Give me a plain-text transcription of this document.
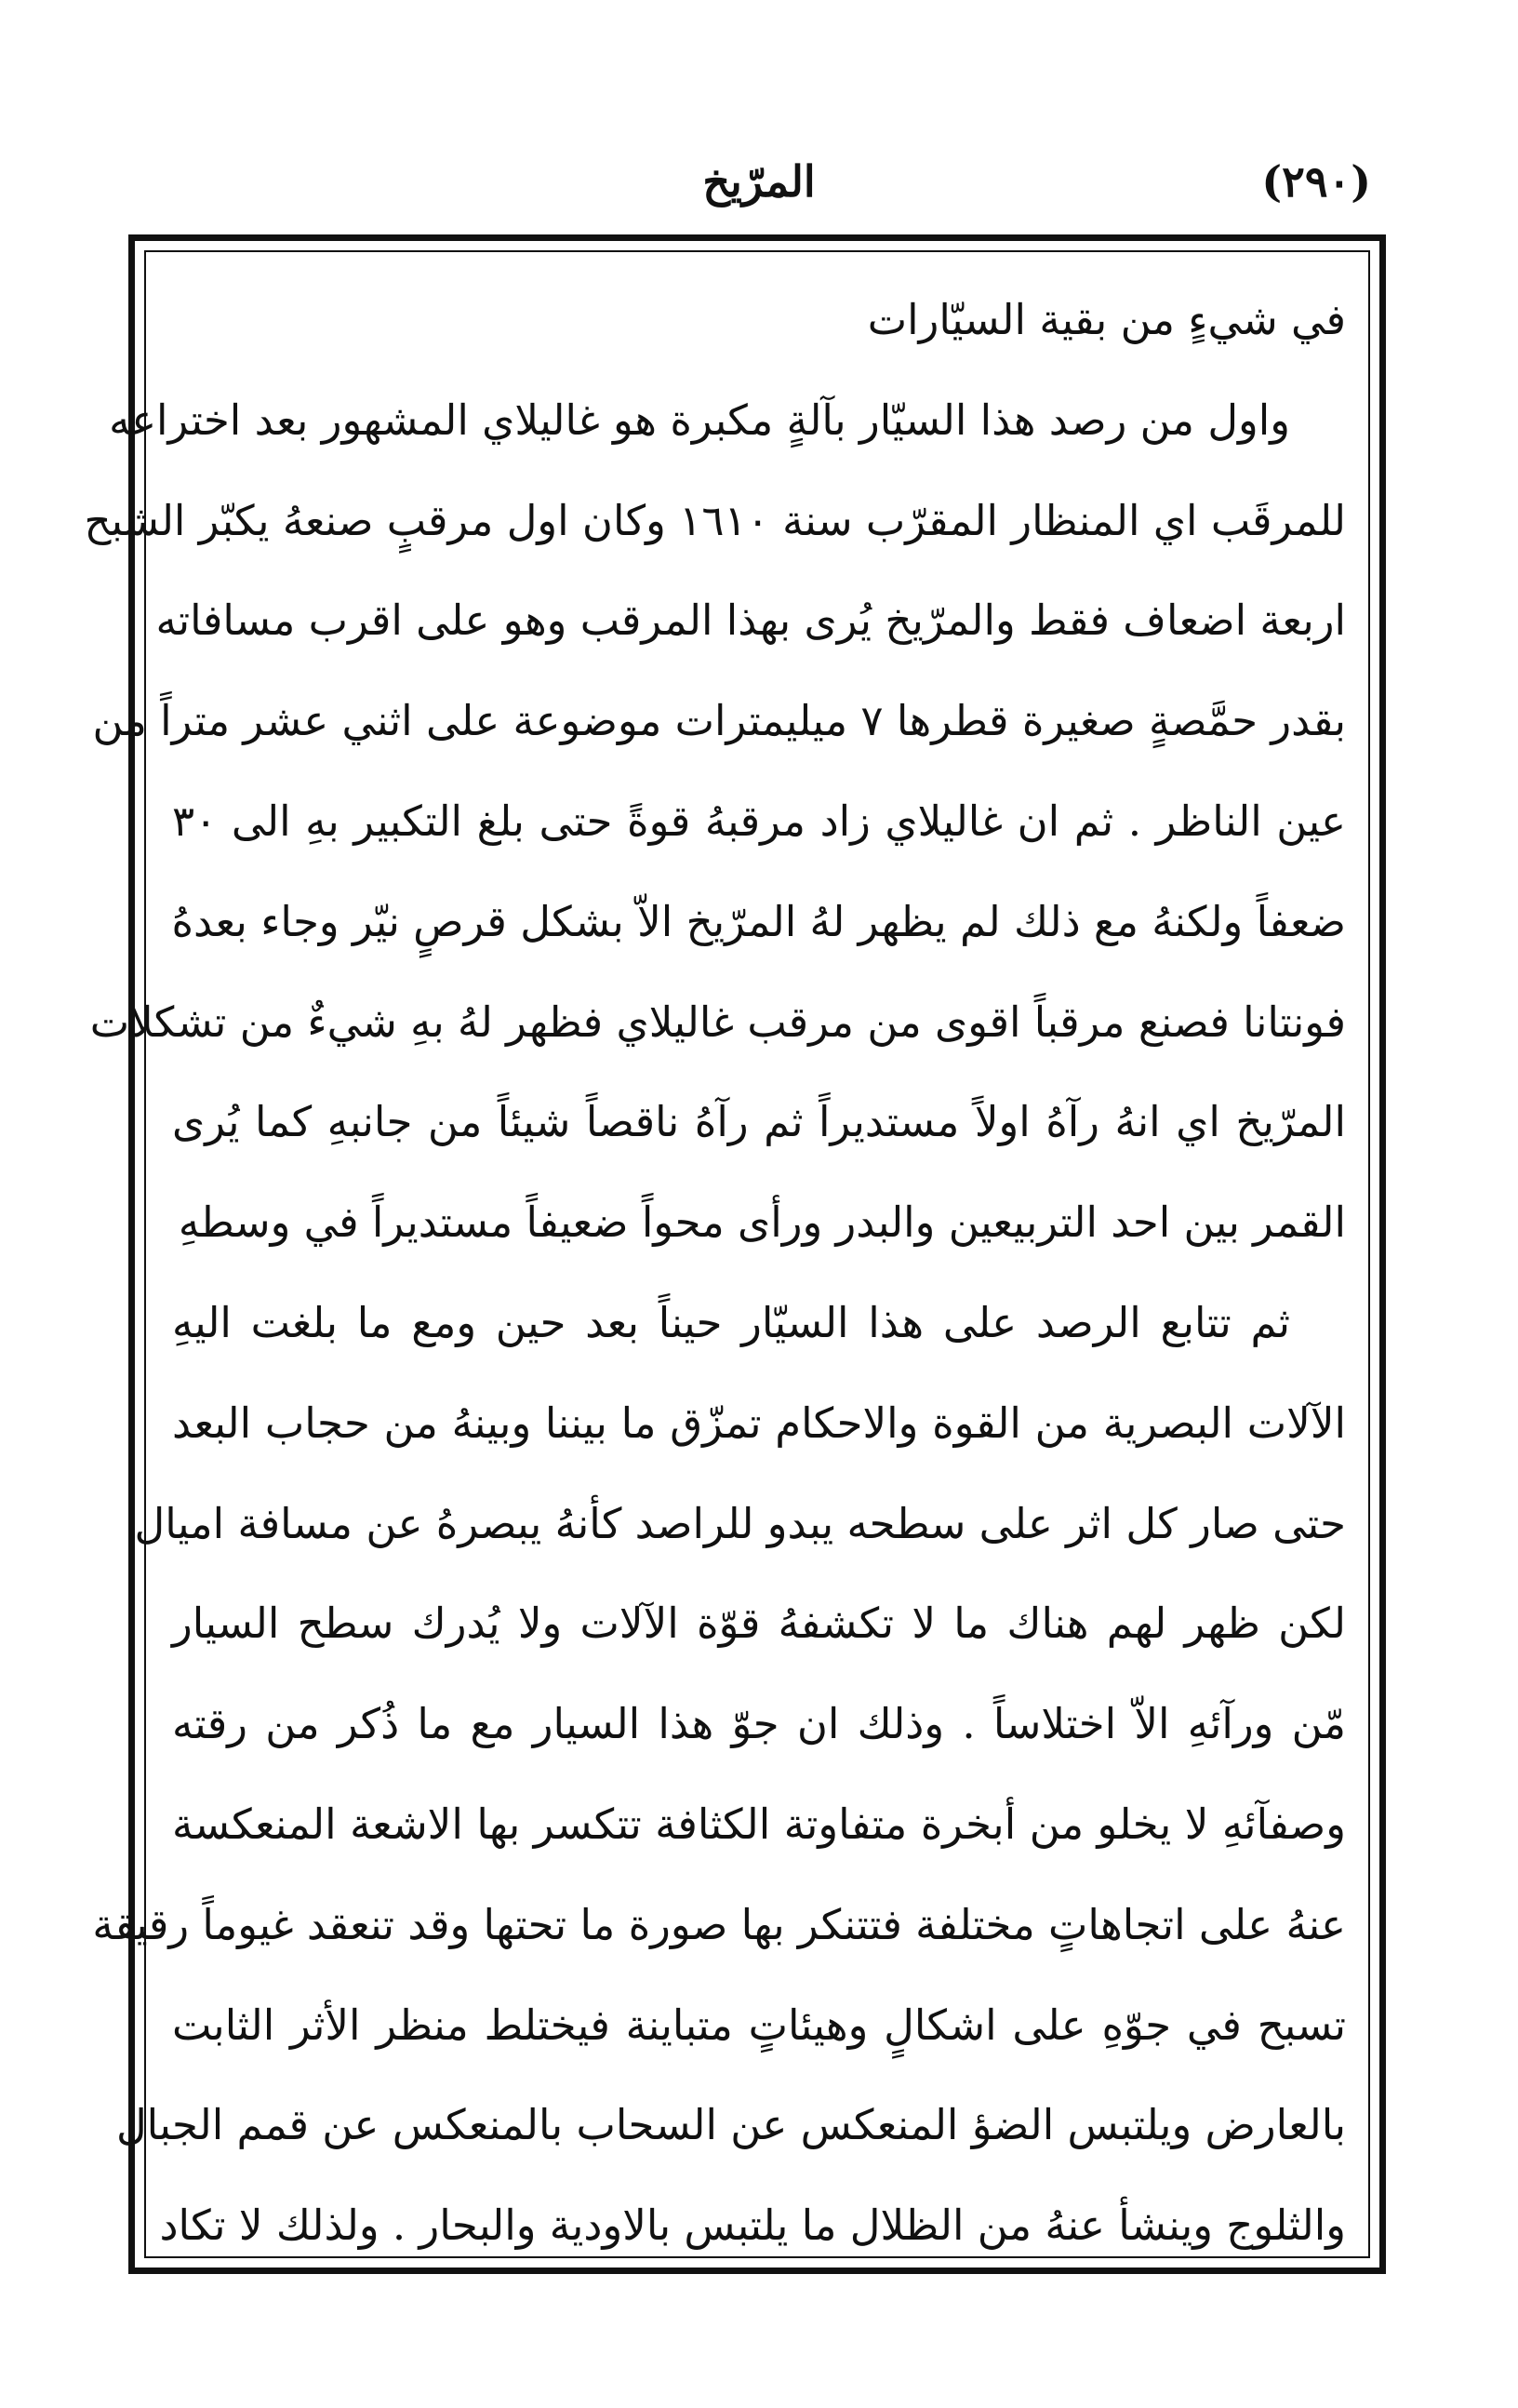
المرّيخ	(٢٩٠)
في شيءٍ من بقية السيّارات
واول من رصد هذا السيّار بآلةٍ مكبرة هو غاليلاي المشهور بعد اختراعه
للمرقَب اي المنظار المقرّب سنة ١٦١٠ وكان اول مرقبٍ صنعهُ يكبّر الشبح
اربعة اضعاف فقط والمرّيخ يُرى بهذا المرقب وهو على اقرب مسافاته
بقدر حمَّصةٍ صغيرة قطرها ٧ ميليمترات موضوعة على اثني عشر متراً من
عين الناظر . ثم ان غاليلاي زاد مرقبهُ قوةً حتى بلغ التكبير بهِ الى ٣٠
ضعفاً ولكنهُ مع ذلك لم يظهر لهُ المرّيخ الاّ بشكل قرصٍ نيّر وجاء بعدهُ
فونتانا فصنع مرقباً اقوى من مرقب غاليلاي فظهر لهُ بهِ شيءٌ من تشكلات
المرّيخ اي انهُ رآهُ اولاً مستديراً ثم رآهُ ناقصاً شيئاً من جانبهِ كما يُرى
القمر بين احد التربيعين والبدر ورأى محواً ضعيفاً مستديراً في وسطهِ
ثم تتابع الرصد على هذا السيّار حيناً بعد حين ومع ما بلغت اليهِ
الآلات البصرية من القوة والاحكام تمزّق ما بيننا وبينهُ من حجاب البعد
حتى صار كل اثر على سطحه يبدو للراصد كأنهُ يبصرهُ عن مسافة اميال
لكن ظهر لهم هناك ما لا تكشفهُ قوّة الآلات ولا يُدرك سطح السيار
مّن ورآئهِ الاّ اختلاساً . وذلك ان جوّ هذا السيار مع ما ذُكر من رقته
وصفآئهِ لا يخلو من أبخرة متفاوتة الكثافة تتكسر بها الاشعة المنعكسة
عنهُ على اتجاهاتٍ مختلفة فتتنكر بها صورة ما تحتها وقد تنعقد غيوماً رقيقة
تسبح في جوّهِ على اشكالٍ وهيئاتٍ متباينة فيختلط منظر الأثر الثابت
بالعارض ويلتبس الضؤ المنعكس عن السحاب بالمنعكس عن قمم الجبال
والثلوج وينشأ عنهُ من الظلال ما يلتبس بالاودية والبحار . ولذلك لا تكاد
